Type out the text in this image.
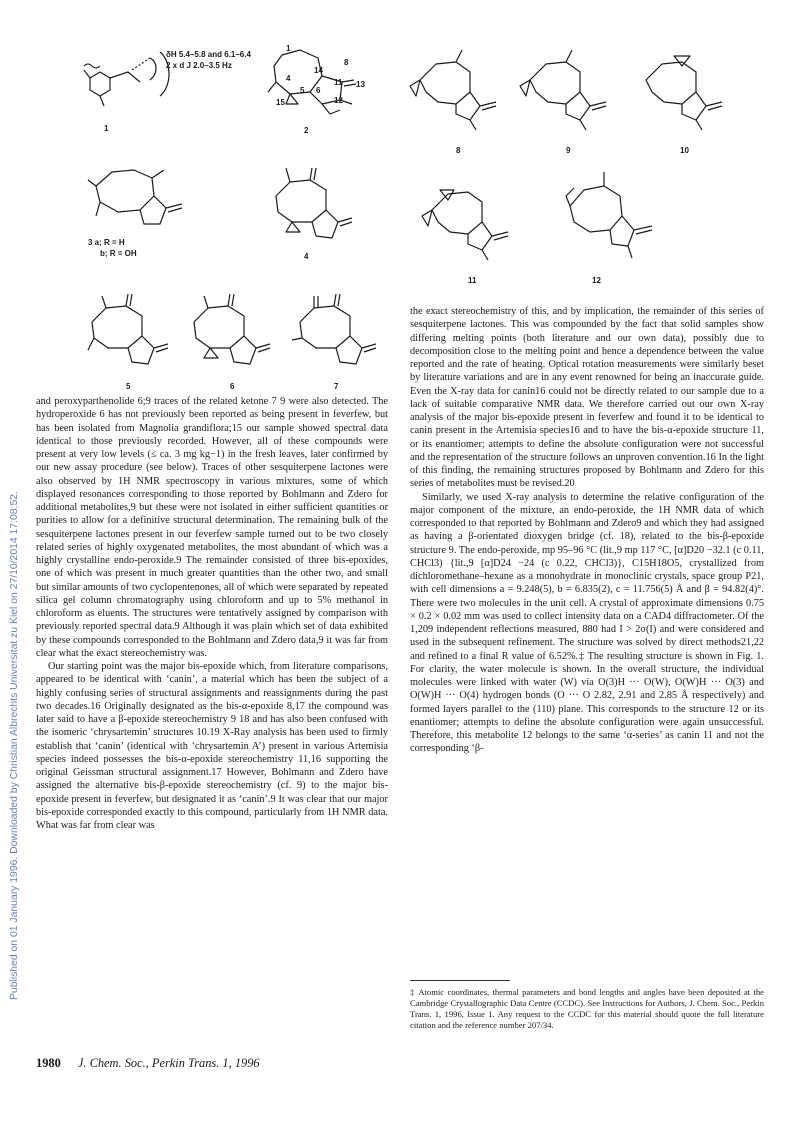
Published on 01 January 1996. Downloaded by Christian Albrechts Universitat zu Kiel on 27/10/2014 17:08:52.
δH 5.4–5.8 and 6.1–6.4
2 x d J 2.0–3.5 Hz
1	2
8	9	10
3 a; R = H
b; R = OH	4
11	12
5	6	7
1
8
14
4
5
15
6
11
12
13

and peroxyparthenolide 6;9 traces of the related ketone 7 9 were also detected. The hydroperoxide 6 has not previously been reported as being present in feverfew, but has been isolated from Magnolia grandiflora;15 our sample showed spectral data identical to those previously recorded. However, all of these compounds were present at very low levels (≤ ca. 3 mg kg−1) in the fresh leaves, later confirmed by our new assay procedure (see below). Traces of other sesquiterpene lactones were also observed by 1H NMR spectroscopy in various mixtures, some of which displayed resonances corresponding to those reported by Bohlmann and Zdero for additional metabolites,9 but these were not isolated in either sufficient quantities or purities to allow for a definitive structural determination. The remaining bulk of the sesquiterpene lactones present in our feverfew sample turned out to be two closely related series of highly oxygenated metabolites, the most abundant of which was a highly crystalline endo-peroxide.9 The remainder consisted of three bis-epoxides, one of which was present in much greater quantities than the other two, and small but similar amounts of two cyclopentenones, all of which were separated by repeated silica gel column chromatography using chloroform and up to 5% methanol in chloroform as eluents. The structures were tentatively assigned by comparison with previously reported spectral data.9 Although it was plain which set of data exhibited by these compounds corresponded to the Bohlmann and Zdero data,9 it was far from clear what the exact stereochemistry was.

Our starting point was the major bis-epoxide which, from literature comparisons, appeared to be identical with ‘canin’, a material which has been the subject of a highly confusing series of structural assignments and reassignments during the past two decades.16 Originally designated as the bis-α-epoxide 8,17 the compound was later said to have a β-epoxide stereochemistry 9 18 and has also been confused with the isomeric ‘chrysartemin’ structures 10.19 X-Ray analysis has been used to firmly establish that ‘canin’ (identical with ‘chrysartemin A’) present in various Artemisia species indeed possesses the bis-α-epoxide stereochemistry 11,16 supporting the original Geissman structural assignment.17 However, Bohlmann and Zdero have assigned the alternative bis-β-epoxide stereochemistry (cf. 9) to the major bis-epoxide present in feverfew, but designated it as ‘canin’.9 It was clear that our major bis-epoxide corresponded exactly to this compound, particularly from 1H NMR data. What was far from clear was

the exact stereochemistry of this, and by implication, the remainder of this series of sesquiterpene lactones. This was compounded by the fact that solid samples show differing melting points (both literature and our own data), possibly due to decomposition close to the melting point and hence a dependence between the value reported and the rate of heating. Optical rotation measurements were similarly beset by literature variations and are in any event renowned for being an inaccurate guide. Even the X-ray data for canin16 could not be directly related to our sample due to a lack of suitable comparative NMR data. We therefore carried out our own X-ray analysis of the major bis-epoxide present in feverfew and found it to be identical to canin present in the Artemisia species16 and to have the bis-α-epoxide structure 11, or its enantiomer; attempts to define the absolute configuration were not successful and the representation of the structure follows an unproven convention.16 In the light of this finding, the remaining structures proposed by Bohlmann and Zdero for this series of metabolites must be revised.20

Similarly, we used X-ray analysis to determine the relative configuration of the major component of the mixture, an endo-peroxide, the 1H NMR data of which corresponded to that reported by Bohlmann and Zdero9 and which they had assigned as having a β-orientated dioxygen bridge (cf. 18), related to the bis-β-epoxide structure 9. The endo-peroxide, mp 95–96 °C (lit.,9 mp 117 °C, [α]D20 −32.1 (c 0.11, CHCl3) {lit.,9 [α]D24 −24 (c 0.22, CHCl3)}, C15H18O5, crystallized from dichloromethane–hexane as a monohydrate in monoclinic crystals, space group P21, with cell dimensions a = 9.248(5), b = 6.835(2), c = 11.756(5) Å and β = 94.82(4)°. There were two molecules in the unit cell. A crystal of approximate dimensions 0.75 × 0.2 × 0.02 mm was used to collect intensity data on a CAD4 diffractometer. Of the 1,209 independent reflections measured, 880 had I > 2σ(I) and were considered and used in the subsequent refinement. The structure was solved by direct methods21,22 and refined to a final R value of 6.52%.‡ The resulting structure is shown in Fig. 1. For clarity, the water molecule is shown. In the overall structure, the individual molecules were linked with water (W) via O(3)H ··· O(W), O(W)H ··· O(3) and O(W)H ··· O(4) hydrogen bonds (O ··· O 2.82, 2.91 and 2.85 Å respectively) and formed layers parallel to the (110) plane. This corresponds to the structure 12 or its enantiomer; attempts to define the absolute configuration were again unsuccessful. Therefore, this metabolite 12 belongs to the same ‘α-series’ as canin 11 and not the corresponding ‘β-

‡ Atomic coordinates, thermal parameters and bond lengths and angles have been deposited at the Cambridge Crystallographic Data Centre (CCDC). See Instructions for Authors, J. Chem. Soc., Perkin Trans. 1, 1996, Issue 1. Any request to the CCDC for this material should quote the full literature citation and the reference number 207/34.
1980 J. Chem. Soc., Perkin Trans. 1, 1996
